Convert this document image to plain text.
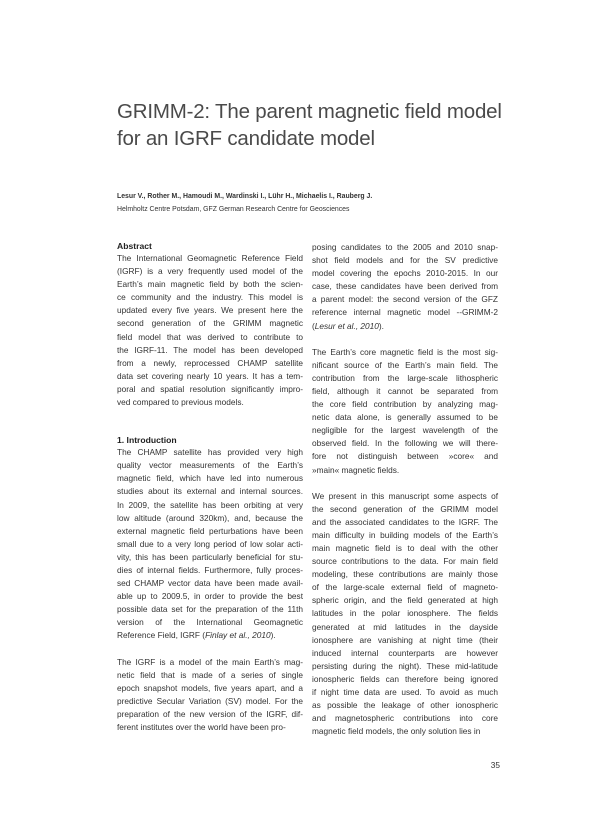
GRIMM-2: The parent magnetic field model
for an IGRF candidate model
Lesur V., Rother M., Hamoudi M., Wardinski I., Lühr H., Michaelis I., Rauberg J.
Helmholtz Centre Potsdam, GFZ German Research Centre for Geosciences
Abstract
The International Geomagnetic Reference Field
(IGRF) is a very frequently used model of the
Earth’s main magnetic field by both the scien-
ce community and the industry. This model is
updated every five years. We present here the
second generation of the GRIMM magnetic
field model that was derived to contribute to
the IGRF-11. The model has been developed
from a newly, reprocessed CHAMP satellite
data set covering nearly 10 years. It has a tem-
poral and spatial resolution significantly impro-
ved compared to previous models.
1. Introduction
The CHAMP satellite has provided very high
quality vector measurements of the Earth’s
magnetic field, which have led into numerous
studies about its external and internal sources.
In 2009, the satellite has been orbiting at very
low altitude (around 320km), and, because the
external magnetic field perturbations have been
small due to a very long period of low solar acti-
vity, this has been particularly beneficial for stu-
dies of internal fields. Furthermore, fully proces-
sed CHAMP vector data have been made avail-
able up to 2009.5, in order to provide the best
possible data set for the preparation of the 11th
version of the International Geomagnetic
Reference Field, IGRF (Finlay et al., 2010).
The IGRF is a model of the main Earth’s mag-
netic field that is made of a series of single
epoch snapshot models, five years apart, and a
predictive Secular Variation (SV) model. For the
preparation of the new version of the IGRF, dif-
ferent institutes over the world have been pro-
posing candidates to the 2005 and 2010 snap-
shot field models and for the SV predictive
model covering the epochs 2010-2015. In our
case, these candidates have been derived from
a parent model: the second version of the GFZ
reference internal magnetic model --GRIMM-2
(Lesur et al., 2010).
The Earth’s core magnetic field is the most sig-
nificant source of the Earth’s main field. The
contribution from the large-scale lithospheric
field, although it cannot be separated from
the core field contribution by analyzing mag-
netic data alone, is generally assumed to be
negligible for the largest wavelength of the
observed field. In the following we will there-
fore not distinguish between »core« and
»main« magnetic fields.
We present in this manuscript some aspects of
the second generation of the GRIMM model
and the associated candidates to the IGRF. The
main difficulty in building models of the Earth’s
main magnetic field is to deal with the other
source contributions to the data. For main field
modeling, these contributions are mainly those
of the large-scale external field of magneto-
spheric origin, and the field generated at high
latitudes in the polar ionosphere. The fields
generated at mid latitudes in the dayside
ionosphere are vanishing at night time (their
induced internal counterparts are however
persisting during the night). These mid-latitude
ionospheric fields can therefore being ignored
if night time data are used. To avoid as much
as possible the leakage of other ionospheric
and magnetospheric contributions into core
magnetic field models, the only solution lies in
35
